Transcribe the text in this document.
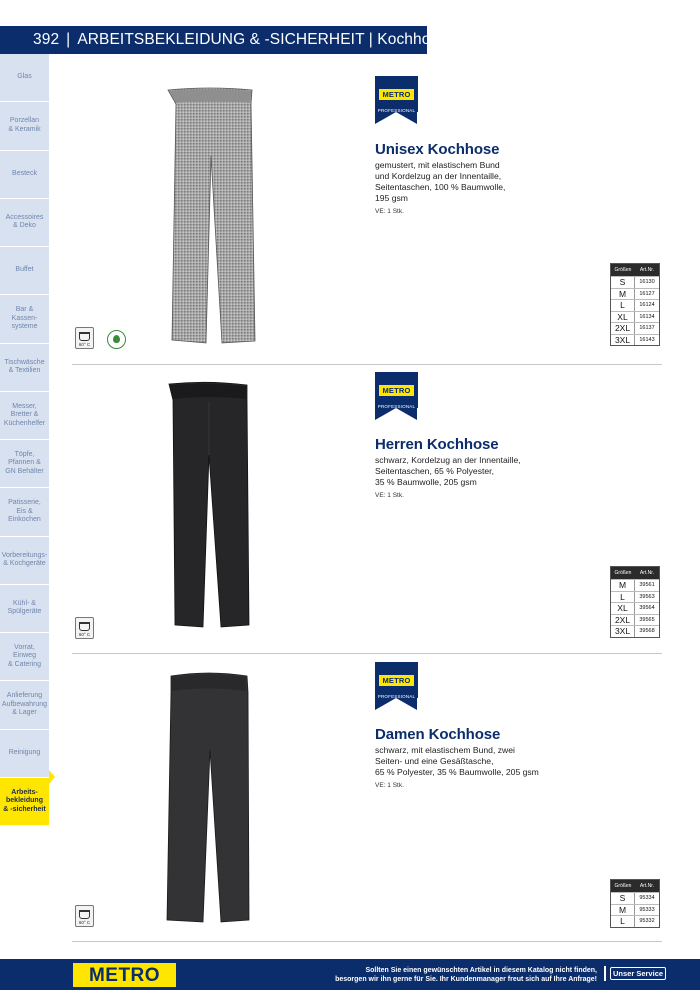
392 | ARBEITSBEKLEIDUNG & -SICHERHEIT | Kochhosen
Glas
Porzellan
& Keramik
Besteck
Accessoires
& Deko
Buffet
Bar &
Kassen-
systeme
Tischwäsche
& Textilien
Messer,
Bretter &
Küchenhelfer
Töpfe,
Pfannen &
GN Behälter
Patisserie,
Eis &
Einkochen
Vorbereitungs-
& Kochgeräte
Kühl- &
Spülgeräte
Vorrat,
Einweg
& Catering
Anlieferung
Aufbewahrung
& Lager
Reinigung
Arbeits-
bekleidung
& -sicherheit
METRO
PROFESSIONAL
Unisex Kochhose
gemustert, mit elastischem Bund
und Kordelzug an der Innentaille,
Seitentaschen, 100 % Baumwolle,
195 gsm
VE: 1 Stk.
Größen	Art.Nr.
S	16130
M	16127
L	16124
XL	16134
2XL	16137
3XL	16143
60° C
METRO
PROFESSIONAL
Herren Kochhose
schwarz, Kordelzug an der Innentaille,
Seitentaschen, 65 % Polyester,
35 % Baumwolle, 205 gsm
VE: 1 Stk.
Größen	Art.Nr.
M	39561
L	39563
XL	39564
2XL	39565
3XL	39568
60° C
METRO
PROFESSIONAL
Damen Kochhose
schwarz, mit elastischem Bund, zwei
Seiten- und eine Gesäßtasche,
65 % Polyester, 35 % Baumwolle, 205 gsm
VE: 1 Stk.
Größen	Art.Nr.
S	95334
M	95333
L	95332
60° C
METRO	Sollten Sie einen gewünschten Artikel in diesem Katalog nicht finden,
besorgen wir ihn gerne für Sie. Ihr Kundenmanager freut sich auf Ihre Anfrage!
Unser Service
